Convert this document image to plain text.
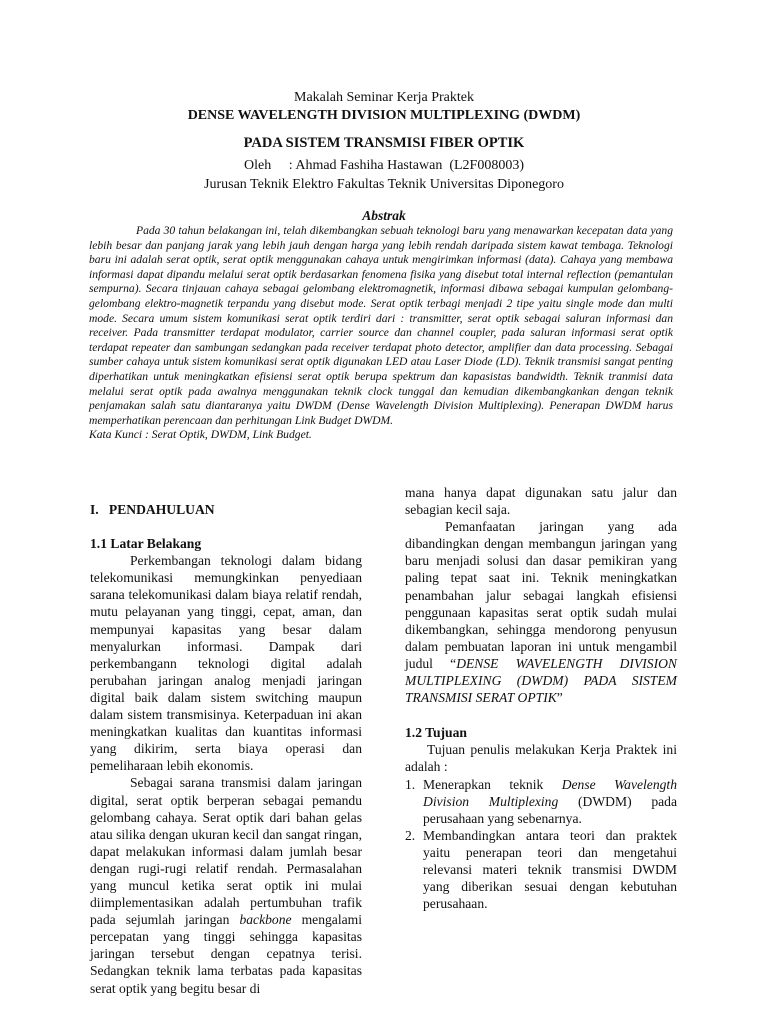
Makalah Seminar Kerja Praktek
DENSE WAVELENGTH DIVISION MULTIPLEXING (DWDM)
PADA SISTEM TRANSMISI FIBER OPTIK
Oleh     : Ahmad Fashiha Hastawan  (L2F008003)
Jurusan Teknik Elektro Fakultas Teknik Universitas Diponegoro
Abstrak

Pada 30 tahun belakangan ini, telah dikembangkan sebuah teknologi baru yang menawarkan kecepatan data yang lebih besar dan panjang jarak yang lebih jauh dengan harga yang lebih rendah daripada sistem kawat tembaga. Teknologi baru ini adalah serat optik, serat optik menggunakan cahaya untuk mengirimkan informasi (data). Cahaya yang membawa informasi dapat dipandu melalui serat optik berdasarkan fenomena fisika yang disebut total internal reflection (pemantulan sempurna). Secara tinjauan cahaya sebagai gelombang elektromagnetik, informasi dibawa sebagai kumpulan gelombang-gelombang elektro-magnetik terpandu yang disebut mode. Serat optik terbagi menjadi 2 tipe yaitu single mode dan multi mode. Secara umum sistem komunikasi serat optik terdiri dari : transmitter, serat optik sebagai saluran informasi dan receiver. Pada transmitter terdapat modulator, carrier source dan channel coupler, pada saluran informasi serat optik terdapat repeater dan sambungan sedangkan pada receiver terdapat photo detector, amplifier dan data processing. Sebagai sumber cahaya untuk sistem komunikasi serat optik digunakan LED atau Laser Diode (LD). Teknik transmisi sangat penting diperhatikan untuk meningkatkan efisiensi serat optik berupa spektrum dan kapasistas bandwidth. Teknik tranmisi data melalui serat optik pada awalnya menggunakan teknik clock tunggal dan kemudian dikembangkankan dengan teknik penjamakan salah satu diantaranya yaitu DWDM (Dense Wavelength Division Multiplexing). Penerapan DWDM harus memperhatikan perencaan dan perhitungan Link Budget DWDM.

Kata Kunci : Serat Optik, DWDM, Link Budget.

I.   PENDAHULUAN
1.1 Latar Belakang

Perkembangan teknologi dalam bidang telekomunikasi memungkinkan penyediaan sarana telekomunikasi dalam biaya relatif rendah, mutu pelayanan yang tinggi, cepat, aman, dan mempunyai kapasitas yang besar dalam menyalurkan informasi. Dampak dari perkembangann teknologi digital adalah perubahan jaringan analog menjadi jaringan digital baik dalam sistem switching maupun dalam sistem transmisinya. Keterpaduan ini akan meningkatkan kualitas dan kuantitas informasi yang dikirim, serta biaya operasi dan pemeliharaan lebih ekonomis.

Sebagai sarana transmisi dalam jaringan digital, serat optik berperan sebagai pemandu gelombang cahaya. Serat optik dari bahan gelas atau silika dengan ukuran kecil dan sangat ringan, dapat melakukan informasi dalam jumlah besar dengan rugi-rugi relatif rendah. Permasalahan yang muncul ketika serat optik ini mulai diimplementasikan adalah pertumbuhan trafik pada sejumlah jaringan backbone mengalami percepatan yang tinggi sehingga kapasitas jaringan tersebut dengan cepatnya terisi. Sedangkan teknik lama terbatas pada kapasitas serat optik yang begitu besar di

mana hanya dapat digunakan satu jalur dan sebagian kecil saja.

Pemanfaatan jaringan yang ada dibandingkan dengan membangun jaringan yang baru menjadi solusi dan dasar pemikiran yang paling tepat saat ini. Teknik meningkatkan penambahan jalur sebagai langkah efisiensi penggunaan kapasitas serat optik sudah mulai dikembangkan, sehingga mendorong penyusun dalam pembuatan laporan ini untuk mengambil judul “DENSE WAVELENGTH DIVISION MULTIPLEXING (DWDM) PADA SISTEM TRANSMISI SERAT OPTIK”

1.2 Tujuan

Tujuan penulis melakukan Kerja Praktek ini adalah :

1. Menerapkan teknik Dense Wavelength Division Multiplexing (DWDM) pada perusahaan yang sebenarnya.
2. Membandingkan antara teori dan praktek yaitu penerapan teori dan mengetahui relevansi materi teknik transmisi DWDM yang diberikan sesuai dengan kebutuhan perusahaan.
